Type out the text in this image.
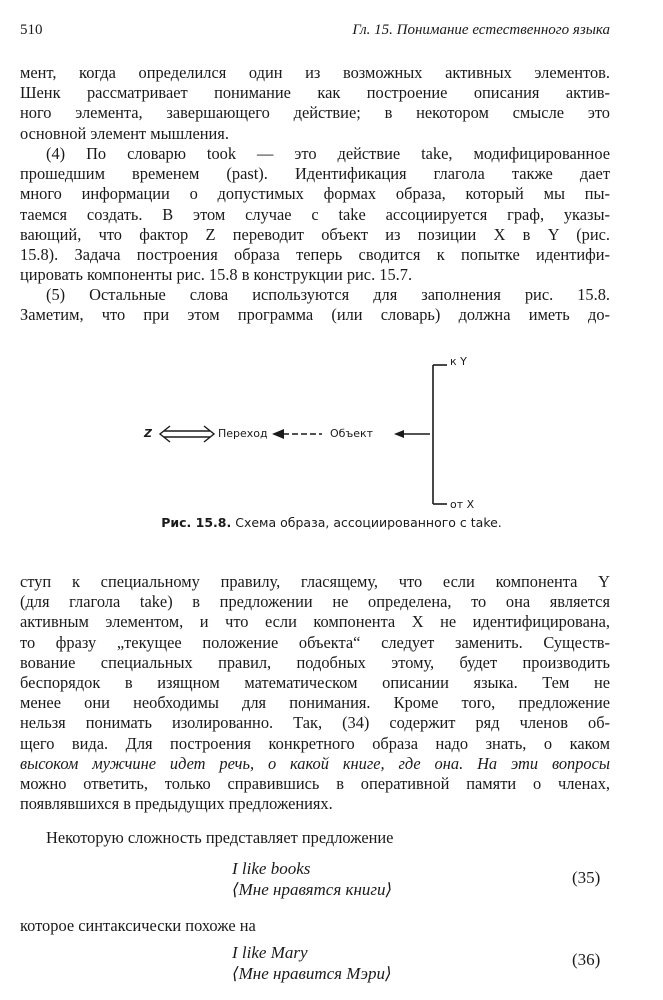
510	Гл. 15. Понимание естественного языка

мент, когда определился один из возможных активных элементов.
Шенк рассматривает понимание как построение описания актив-
ного элемента, завершающего действие; в некотором смысле это
основной элемент мышления.

(4) По словарю took — это действие take, модифицированное
прошедшим временем (past). Идентификация глагола также дает
много информации о допустимых формах образа, который мы пы-
таемся создать. В этом случае с take ассоциируется граф, указы-
вающий, что фактор Z переводит объект из позиции X в Y (рис.
15.8). Задача построения образа теперь сводится к попытке идентифи-
цировать компоненты рис. 15.8 в конструкции рис. 15.7.

(5) Остальные слова используются для заполнения рис. 15.8.
Заметим, что при этом программа (или словарь) должна иметь до-

к Y
от X
Z	Переход	Объект
Рис. 15.8. Схема образа, ассоциированного с take.

ступ к специальному правилу, гласящему, что если компонента Y
(для глагола take) в предложении не определена, то она является
активным элементом, и что если компонента X не идентифицирована,
то фразу „текущее положение объекта“ следует заменить. Существ-
вование специальных правил, подобных этому, будет производить
беспорядок в изящном математическом описании языка. Тем не
менее они необходимы для понимания. Кроме того, предложение
нельзя понимать изолированно. Так, (34) содержит ряд членов об-
щего вида. Для построения конкретного образа надо знать, о каком
высоком мужчине идет речь, о какой книге, где она. На эти вопросы
можно ответить, только справившись в оперативной памяти о членах,
появлявшихся в предыдущих предложениях.

Некоторую сложность представляет предложение

I like books
⟨Мне нравятся книги⟩
(35)

которое синтаксически похоже на

I like Mary
⟨Мне нравится Мэри⟩
(36)
